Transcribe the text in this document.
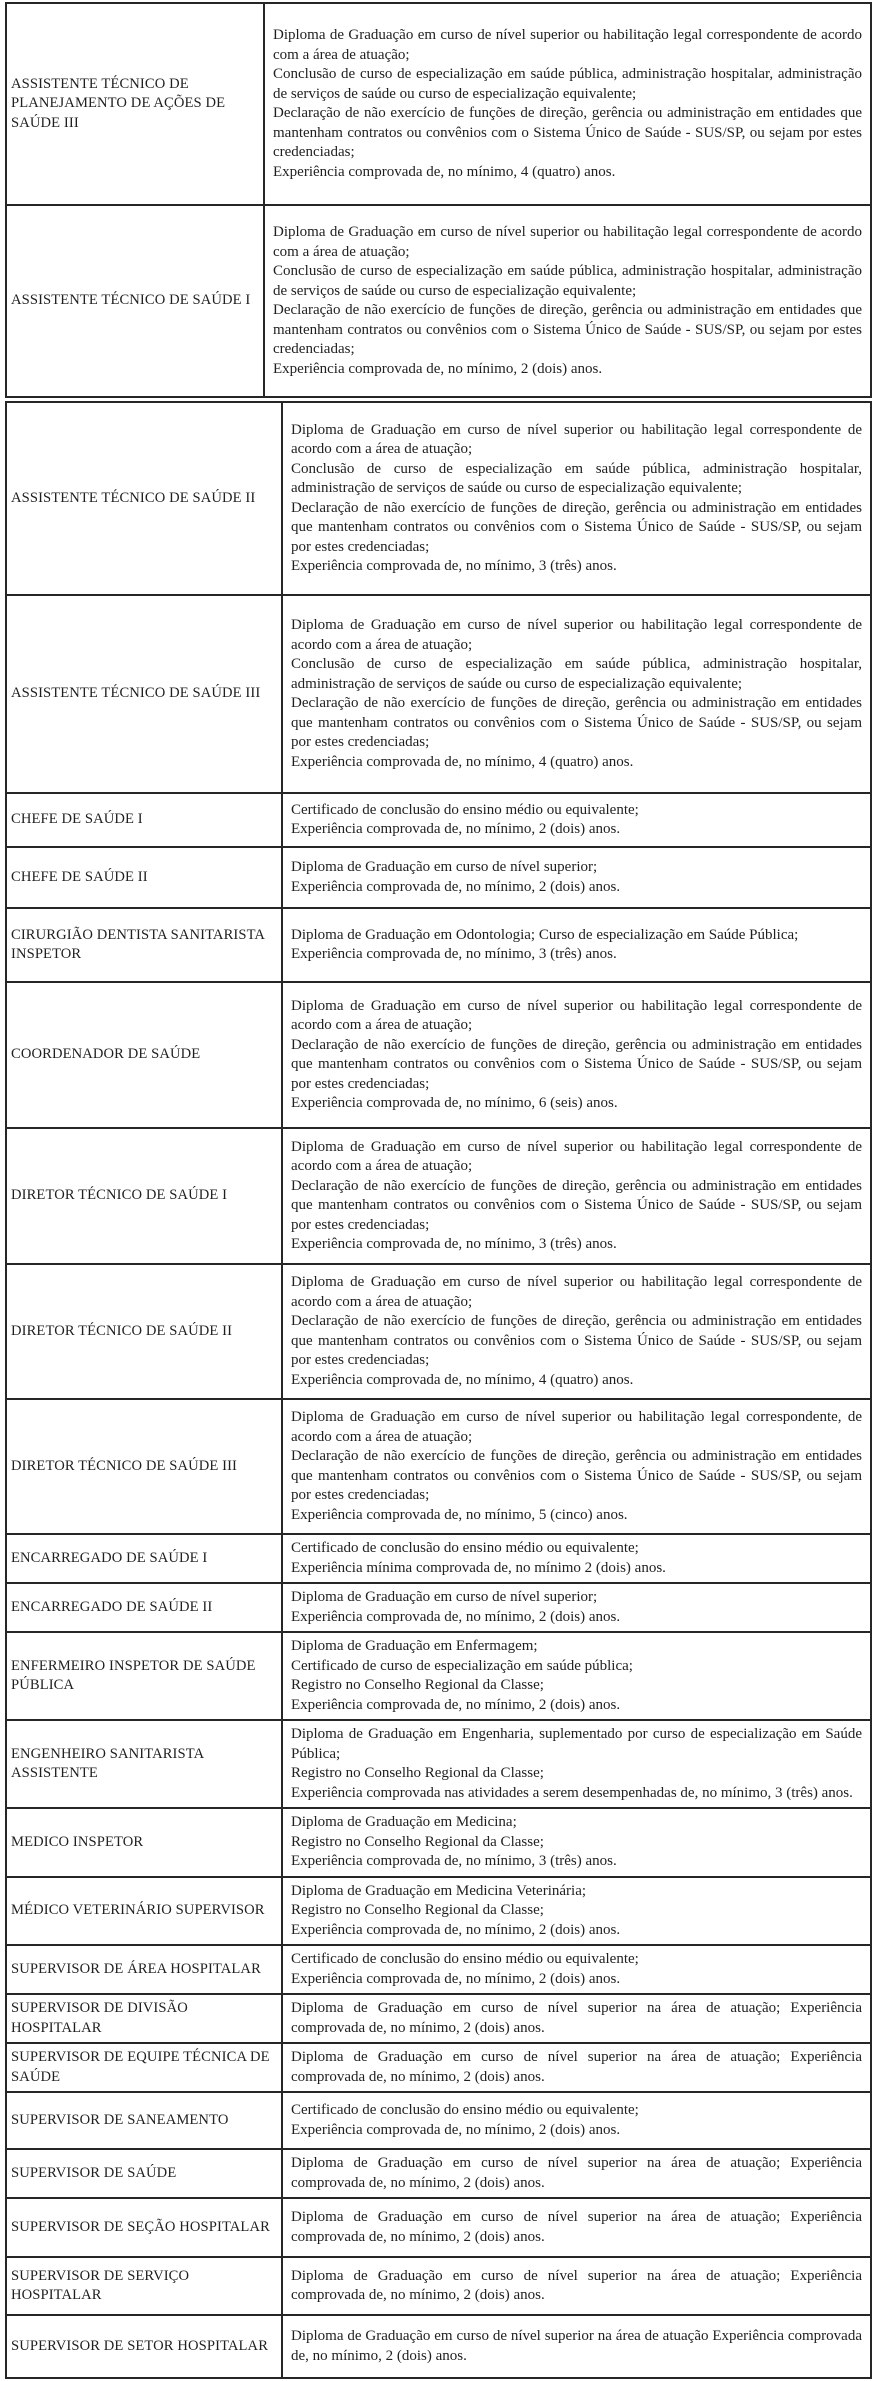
ASSISTENTE TÉCNICO DE PLANEJAMENTO DE AÇÕES DE SAÚDE III	Diploma de Graduação em curso de nível superior ou habilitação legal correspondente de acordo com a área de atuação;
Conclusão de curso de especialização em saúde pública, administração hospitalar, administração de serviços de saúde ou curso de especialização equivalente;
Declaração de não exercício de funções de direção, gerência ou administração em entidades que mantenham contratos ou convênios com o Sistema Único de Saúde - SUS/SP, ou sejam por estes credenciadas;
Experiência comprovada de, no mínimo, 4 (quatro) anos.

ASSISTENTE TÉCNICO DE SAÚDE I	Diploma de Graduação em curso de nível superior ou habilitação legal correspondente de acordo com a área de atuação;
Conclusão de curso de especialização em saúde pública, administração hospitalar, administração de serviços de saúde ou curso de especialização equivalente;
Declaração de não exercício de funções de direção, gerência ou administração em entidades que mantenham contratos ou convênios com o Sistema Único de Saúde - SUS/SP, ou sejam por estes credenciadas;
Experiência comprovada de, no mínimo, 2 (dois) anos.
ASSISTENTE TÉCNICO DE SAÚDE II	Diploma de Graduação em curso de nível superior ou habilitação legal correspondente de acordo com a área de atuação;
Conclusão de curso de especialização em saúde pública, administração hospitalar, administração de serviços de saúde ou curso de especialização equivalente;
Declaração de não exercício de funções de direção, gerência ou administração em entidades que mantenham contratos ou convênios com o Sistema Único de Saúde - SUS/SP, ou sejam por estes credenciadas;
Experiência comprovada de, no mínimo, 3 (três) anos.

ASSISTENTE TÉCNICO DE SAÚDE III	Diploma de Graduação em curso de nível superior ou habilitação legal correspondente de acordo com a área de atuação;
Conclusão de curso de especialização em saúde pública, administração hospitalar, administração de serviços de saúde ou curso de especialização equivalente;
Declaração de não exercício de funções de direção, gerência ou administração em entidades que mantenham contratos ou convênios com o Sistema Único de Saúde - SUS/SP, ou sejam por estes credenciadas;
Experiência comprovada de, no mínimo, 4 (quatro) anos.

CHEFE DE SAÚDE I	Certificado de conclusão do ensino médio ou equivalente;
Experiência comprovada de, no mínimo, 2 (dois) anos.

CHEFE DE SAÚDE II	Diploma de Graduação em curso de nível superior;
Experiência comprovada de, no mínimo, 2 (dois) anos.

CIRURGIÃO DENTISTA SANITARISTA INSPETOR	Diploma de Graduação em Odontologia; Curso de especialização em Saúde Pública;
Experiência comprovada de, no mínimo, 3 (três) anos.

COORDENADOR DE SAÚDE	Diploma de Graduação em curso de nível superior ou habilitação legal correspondente de acordo com a área de atuação;
Declaração de não exercício de funções de direção, gerência ou administração em entidades que mantenham contratos ou convênios com o Sistema Único de Saúde - SUS/SP, ou sejam por estes credenciadas;
Experiência comprovada de, no mínimo, 6 (seis) anos.

DIRETOR TÉCNICO DE SAÚDE I	Diploma de Graduação em curso de nível superior ou habilitação legal correspondente de acordo com a área de atuação;
Declaração de não exercício de funções de direção, gerência ou administração em entidades que mantenham contratos ou convênios com o Sistema Único de Saúde - SUS/SP, ou sejam por estes credenciadas;
Experiência comprovada de, no mínimo, 3 (três) anos.

DIRETOR TÉCNICO DE SAÚDE II	Diploma de Graduação em curso de nível superior ou habilitação legal correspondente de acordo com a área de atuação;
Declaração de não exercício de funções de direção, gerência ou administração em entidades que mantenham contratos ou convênios com o Sistema Único de Saúde - SUS/SP, ou sejam por estes credenciadas;
Experiência comprovada de, no mínimo, 4 (quatro) anos.

DIRETOR TÉCNICO DE SAÚDE III	Diploma de Graduação em curso de nível superior ou habilitação legal correspondente, de acordo com a área de atuação;
Declaração de não exercício de funções de direção, gerência ou administração em entidades que mantenham contratos ou convênios com o Sistema Único de Saúde - SUS/SP, ou sejam por estes credenciadas;
Experiência comprovada de, no mínimo, 5 (cinco) anos.

ENCARREGADO DE SAÚDE I	Certificado de conclusão do ensino médio ou equivalente;
Experiência mínima comprovada de, no mínimo 2 (dois) anos.

ENCARREGADO DE SAÚDE II	Diploma de Graduação em curso de nível superior;
Experiência comprovada de, no mínimo, 2 (dois) anos.

ENFERMEIRO INSPETOR DE SAÚDE PÚBLICA	Diploma de Graduação em Enfermagem;
Certificado de curso de especialização em saúde pública;
Registro no Conselho Regional da Classe;
Experiência comprovada de, no mínimo, 2 (dois) anos.

ENGENHEIRO SANITARISTA ASSISTENTE	Diploma de Graduação em Engenharia, suplementado por curso de especialização em Saúde Pública;
Registro no Conselho Regional da Classe;
Experiência comprovada nas atividades a serem desempenhadas de, no mínimo, 3 (três) anos.

MEDICO INSPETOR	Diploma de Graduação em Medicina;
Registro no Conselho Regional da Classe;
Experiência comprovada de, no mínimo, 3 (três) anos.

MÉDICO VETERINÁRIO SUPERVISOR	Diploma de Graduação em Medicina Veterinária;
Registro no Conselho Regional da Classe;
Experiência comprovada de, no mínimo, 2 (dois) anos.

SUPERVISOR DE ÁREA HOSPITALAR	Certificado de conclusão do ensino médio ou equivalente;
Experiência comprovada de, no mínimo, 2 (dois) anos.

SUPERVISOR DE DIVISÃO HOSPITALAR	Diploma de Graduação em curso de nível superior na área de atuação; Experiência comprovada de, no mínimo, 2 (dois) anos.

SUPERVISOR DE EQUIPE TÉCNICA DE SAÚDE	Diploma de Graduação em curso de nível superior na área de atuação; Experiência comprovada de, no mínimo, 2 (dois) anos.

SUPERVISOR DE SANEAMENTO	Certificado de conclusão do ensino médio ou equivalente;
Experiência comprovada de, no mínimo, 2 (dois) anos.

SUPERVISOR DE SAÚDE	Diploma de Graduação em curso de nível superior na área de atuação; Experiência comprovada de, no mínimo, 2 (dois) anos.

SUPERVISOR DE SEÇÃO HOSPITALAR	Diploma de Graduação em curso de nível superior na área de atuação; Experiência comprovada de, no mínimo, 2 (dois) anos.

SUPERVISOR DE SERVIÇO HOSPITALAR	Diploma de Graduação em curso de nível superior na área de atuação; Experiência comprovada de, no mínimo, 2 (dois) anos.

SUPERVISOR DE SETOR HOSPITALAR	Diploma de Graduação em curso de nível superior na área de atuação Experiência comprovada de, no mínimo, 2 (dois) anos.
